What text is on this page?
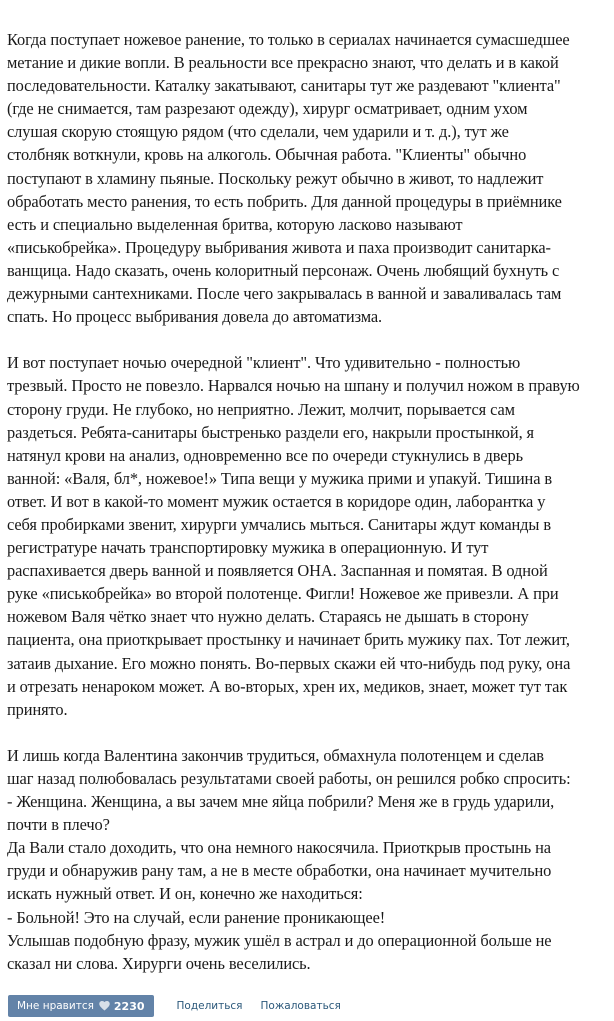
Когда поступает ножевое ранение, то только в сериалах начинается сумасшедшее
метание и дикие вопли. В реальности все прекрасно знают, что делать и в какой
последовательности. Каталку закатывают, санитары тут же раздевают "клиента"
(где не снимается, там разрезают одежду), хирург осматривает, одним ухом
слушая скорую стоящую рядом (что сделали, чем ударили и т. д.), тут же
столбняк воткнули, кровь на алкоголь. Обычная работа. "Клиенты" обычно
поступают в хламину пьяные. Поскольку режут обычно в живот, то надлежит
обработать место ранения, то есть побрить. Для данной процедуры в приёмнике
есть и специально выделенная бритва, которую ласково называют
«писькобрейка». Процедуру выбривания живота и паха производит санитарка-
ванщица. Надо сказать, очень колоритный персонаж. Очень любящий бухнуть с
дежурными сантехниками. После чего закрывалась в ванной и заваливалась там
спать. Но процесс выбривания довела до автоматизма.
И вот поступает ночью очередной "клиент". Что удивительно - полностью
трезвый. Просто не повезло. Нарвался ночью на шпану и получил ножом в правую
сторону груди. Не глубоко, но неприятно. Лежит, молчит, порывается сам
раздеться. Ребята-санитары быстренько раздели его, накрыли простынкой, я
натянул крови на анализ, одновременно все по очереди стукнулись в дверь
ванной: «Валя, бл*, ножевое!» Типа вещи у мужика прими и упакуй. Тишина в
ответ. И вот в какой-то момент мужик остается в коридоре один, лаборантка у
себя пробирками звенит, хирурги умчались мыться. Санитары ждут команды в
регистратуре начать транспортировку мужика в операционную. И тут
распахивается дверь ванной и появляется ОНА. Заспанная и помятая. В одной
руке «писькобрейка» во второй полотенце. Фигли! Ножевое же привезли. А при
ножевом Валя чётко знает что нужно делать. Стараясь не дышать в сторону
пациента, она приоткрывает простынку и начинает брить мужику пах. Тот лежит,
затаив дыхание. Его можно понять. Во-первых скажи ей что-нибудь под руку, она
и отрезать ненароком может. А во-вторых, хрен их, медиков, знает, может тут так
принято.
И лишь когда Валентина закончив трудиться, обмахнула полотенцем и сделав
шаг назад полюбовалась результатами своей работы, он решился робко спросить:
- Женщина. Женщина, а вы зачем мне яйца побрили? Меня же в грудь ударили,
почти в плечо?
Да Вали стало доходить, что она немного накосячила. Приоткрыв простынь на
груди и обнаружив рану там, а не в месте обработки, она начинает мучительно
искать нужный ответ. И он, конечно же находиться:
- Больной! Это на случай, если ранение проникающее!
Услышав подобную фразу, мужик ушёл в астрал и до операционной больше не
сказал ни слова. Хирурги очень веселились.
Мне нравится 2230	Поделиться Пожаловаться
